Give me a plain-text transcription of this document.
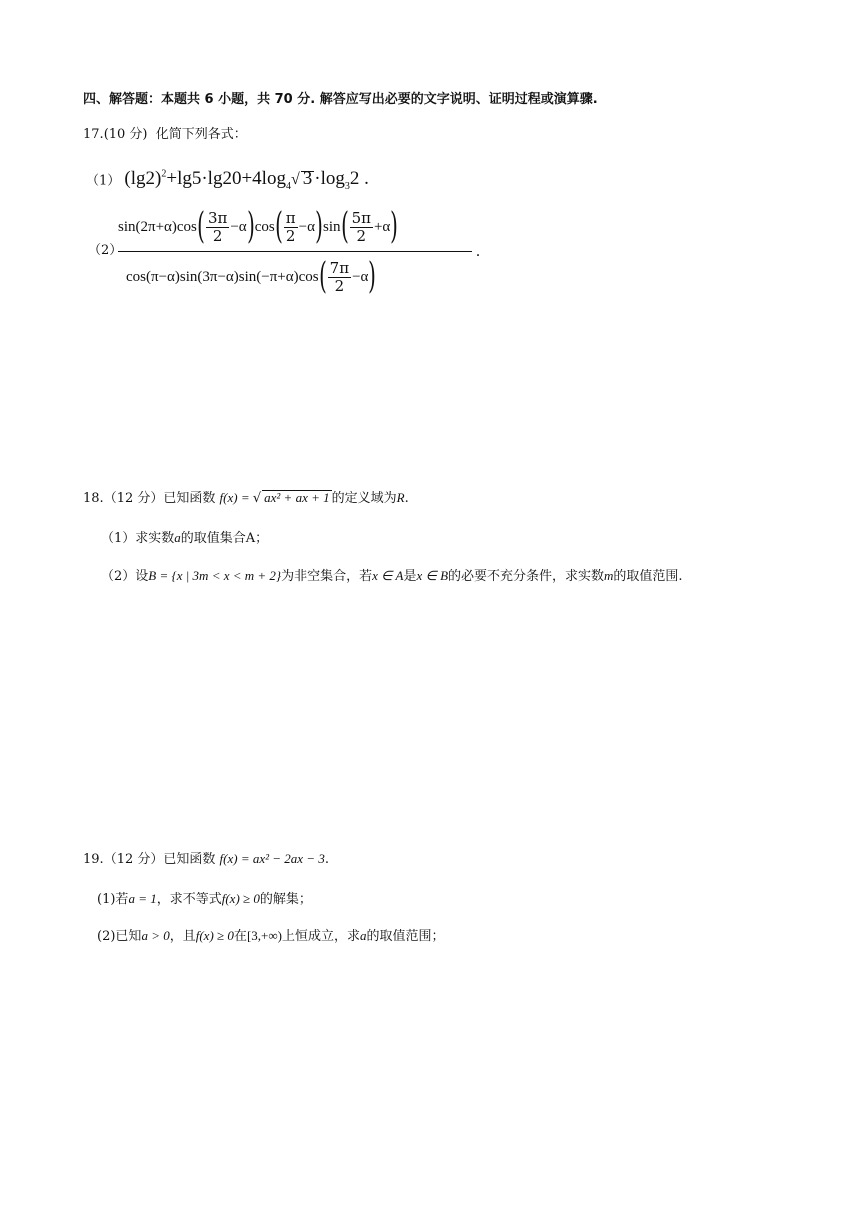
四、解答题：本题共 6 小题，共 70 分. 解答应写出必要的文字说明、证明过程或演算骤.
17.(10 分) 化简下列各式：
（1） $(\lg 2)^2+\lg 5\cdot\lg 20+4\log_4√$ $3 \cdot\log_32$ .
（2）
sin(2π+α)cos ( 3π
2 −α ) cos ( π
2 −α ) sin ( 5π
2 +α )
cos(π−α)sin(3π−α)sin(−π+α)cos ( 7π
2 −α )
.
18.（12 分）已知函数 f(x) = √ ax² + ax + 1 的定义域为R.
（1）求实数a的取值集合A；
（2）设B = {x | 3m < x < m + 2}为非空集合，若x ∈ A是x ∈ B的必要不充分条件，求实数m的取值范围.
19.（12 分）已知函数 f(x) = ax² − 2ax − 3.
(1)若a = 1，求不等式f(x) ≥ 0的解集；
(2)已知a > 0，且f(x) ≥ 0在[3,+∞)上恒成立，求a的取值范围；
